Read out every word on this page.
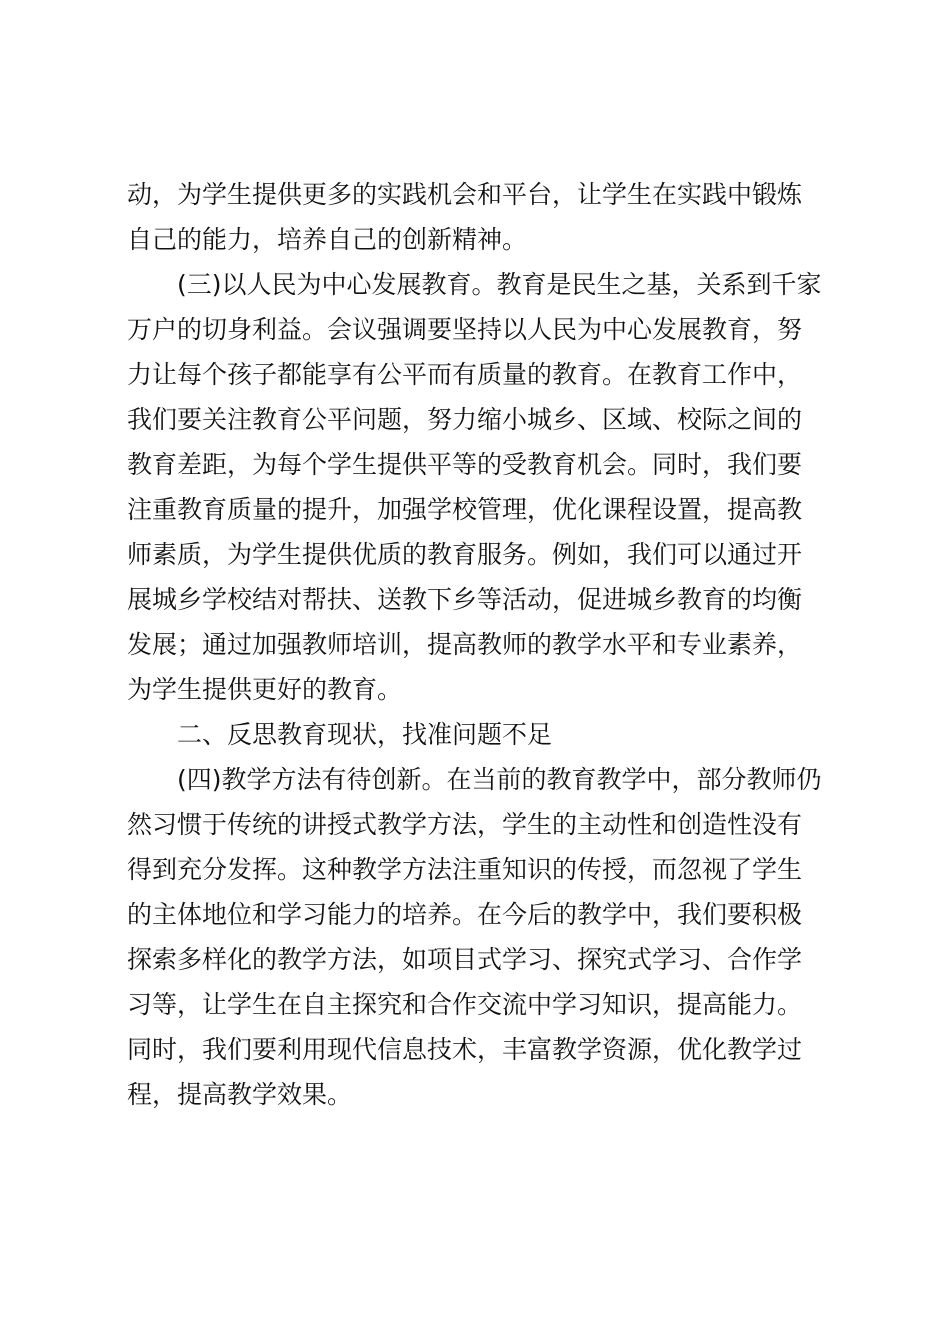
动，为学生提供更多的实践机会和平台，让学生在实践中锻炼
自己的能力，培养自己的创新精神。

(三)以人民为中心发展教育。教育是民生之基，关系到千家
万户的切身利益。会议强调要坚持以人民为中心发展教育，努
力让每个孩子都能享有公平而有质量的教育。在教育工作中，
我们要关注教育公平问题，努力缩小城乡、区域、校际之间的
教育差距，为每个学生提供平等的受教育机会。同时，我们要
注重教育质量的提升，加强学校管理，优化课程设置，提高教
师素质，为学生提供优质的教育服务。例如，我们可以通过开
展城乡学校结对帮扶、送教下乡等活动，促进城乡教育的均衡
发展；通过加强教师培训，提高教师的教学水平和专业素养，
为学生提供更好的教育。

二、反思教育现状，找准问题不足

(四)教学方法有待创新。在当前的教育教学中，部分教师仍
然习惯于传统的讲授式教学方法，学生的主动性和创造性没有
得到充分发挥。这种教学方法注重知识的传授，而忽视了学生
的主体地位和学习能力的培养。在今后的教学中，我们要积极
探索多样化的教学方法，如项目式学习、探究式学习、合作学
习等，让学生在自主探究和合作交流中学习知识，提高能力。
同时，我们要利用现代信息技术，丰富教学资源，优化教学过
程，提高教学效果。
